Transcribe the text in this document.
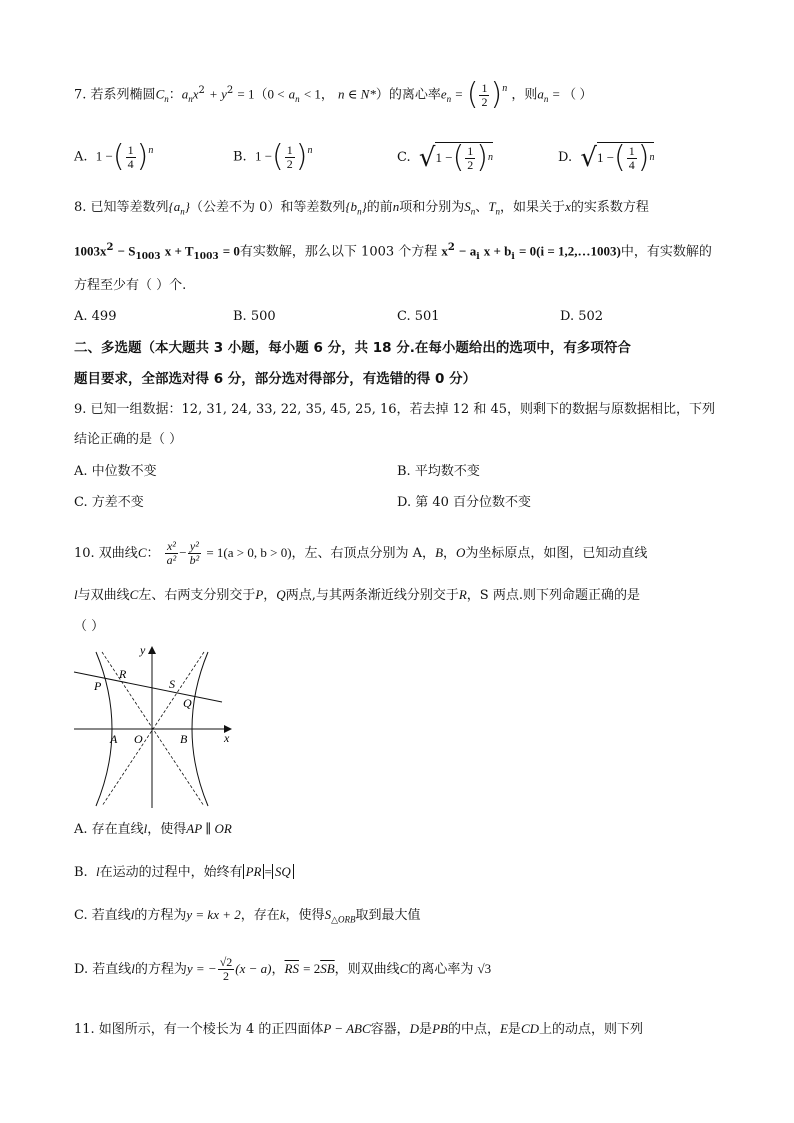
7. 若系列椭圆$C_n$：$a_nx^2 + y^2 = 1(0 < a_n < 1$， n ∈ N*）的离心率$e_n$ = ( $\frac{1}{2} )^n$ ，则$a_n$ = （ ）
A. 1 −( $\frac{1}{4} )^n$	B. 1 −( $\frac{1}{2} )^n$	C. √ 1 − ( $\frac{1}{2}$ ) n	D. √ 1 − ( $\frac{1}{4}$ ) n
8. 已知等差数列$\{a_n\}$（公差不为 0）和等差数列$\{b_n\}$的前n项和分别为$S_n$、$T_n$，如果关于x的实系数方程
$1003x^2 - S_{1003}$ $x + T_{1003} = 0$有实数解，那么以下 1003 个方程 $x^2 - a_i$ $x + b_i = 0(i$ = 1,2,…1003)中，有实数解的
方程至少有（ ）个.
A. 499	B. 500	C. 501	D. 502
二、多选题（本大题共 3 小题，每小题 6 分，共 18 分.在每小题给出的选项中，有多项符合
题目要求，全部选对得 6 分，部分选对得部分，有选错的得 0 分）
9. 已知一组数据：12, 31, 24, 33, 22, 35, 45, 25, 16，若去掉 12 和 45，则剩下的数据与原数据相比，下列
结论正确的是（ ）
A. 中位数不变	B. 平均数不变
C. 方差不变	D. 第 40 百分位数不变
10. 双曲线C： $\frac{\text{x²}}{\text{a²}} - \frac{\text{y²}}{\text{b²}} = 1(a > 0$, b > 0)，左、右顶点分别为 A，B，O为坐标原点，如图，已知动直线
l与双曲线C左、右两支分别交于P，Q两点,与其两条渐近线分别交于R，S 两点.则下列命题正确的是
（ ）
y
x
R
P	S
Q
A O	B
A. 存在直线l，使得AP ∥ OR
B. l在运动的过程中，始终有 PR = SQ
C. 若直线l的方程为y = kx + 2，存在k，使得$S_{\triangle ORB}$取到最大值
D. 若直线l的方程为y = − $\frac{√2}{2} (x - a)$，$\overline{RS} = 2\overline{SB}$，则双曲线C的离心率为 √3
11. 如图所示，有一个棱长为 4 的正四面体P − ABC容器，D是PB的中点，E是CD上的动点，则下列
